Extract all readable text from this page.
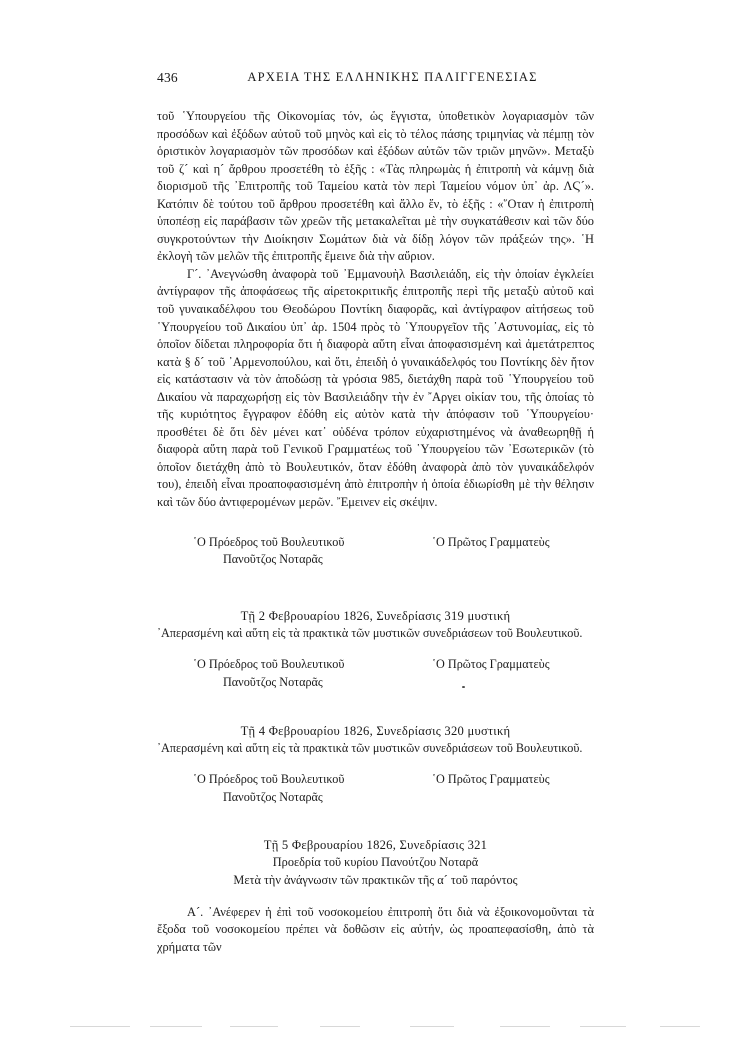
436	ΑΡΧΕΙΑ ΤΗΣ ΕΛΛΗΝΙΚΗΣ ΠΑΛΙΓΓΕΝΕΣΙΑΣ

τοῦ ῾Υπουργείου τῆς Οἰκονομίας τόν, ὡς ἔγγιστα, ὑποθετικὸν λογαριασμὸν τῶν προσόδων καὶ ἐξόδων αὐτοῦ τοῦ μηνὸς καὶ εἰς τὸ τέλος πάσης τριμηνίας νὰ πέμπῃ τὸν ὁριστικὸν λογαριασμὸν τῶν προσόδων καὶ ἐξόδων αὐτῶν τῶν τριῶν μηνῶν». Μεταξὺ τοῦ ζ´ καὶ η´ ἄρθρου προσετέθη τὸ ἑξῆς : «Τὰς πληρωμὰς ἡ ἐπιτροπὴ νὰ κάμνῃ διὰ διορισμοῦ τῆς ᾽Επιτροπῆς τοῦ Ταμείου κατὰ τὸν περὶ Ταμείου νόμον ὑπ᾽ ἀρ. ΛϚ´». Κατόπιν δὲ τούτου τοῦ ἄρθρου προσετέθη καὶ ἄλλο ἕν, τὸ ἑξῆς : «῞Οταν ἡ ἐπιτροπὴ ὑποπέσῃ εἰς παράβασιν τῶν χρεῶν τῆς μετακαλεῖται μὲ τὴν συγκατάθεσιν καὶ τῶν δύο συγκροτούντων τὴν Διοίκησιν Σωμάτων διὰ νὰ δίδῃ λόγον τῶν πράξεών της». ῾Η ἐκλογὴ τῶν μελῶν τῆς ἐπιτροπῆς ἔμεινε διὰ τὴν αὔριον.

Γ´. ᾽Ανεγνώσθη ἀναφορὰ τοῦ ᾽Εμμανουὴλ Βασιλειάδη, εἰς τὴν ὁποίαν ἐγκλείει ἀντίγραφον τῆς ἀποφάσεως τῆς αἱρετοκριτικῆς ἐπιτροπῆς περὶ τῆς μεταξὺ αὐτοῦ καὶ τοῦ γυναικαδέλφου του Θεοδώρου Ποντίκη διαφορᾶς, καὶ ἀντίγραφον αἰτήσεως τοῦ ῾Υπουργείου τοῦ Δικαίου ὑπ᾽ ἀρ. 1504 πρὸς τὸ ῾Υπουργεῖον τῆς ᾽Αστυνομίας, εἰς τὸ ὁποῖον δίδεται πληροφορία ὅτι ἡ διαφορὰ αὕτη εἶναι ἀποφασισμένη καὶ ἀμετάτρεπτος κατὰ § δ´ τοῦ ᾽Αρμενοπούλου, καὶ ὅτι, ἐπειδὴ ὁ γυναικάδελφός του Ποντίκης δὲν ἤτον εἰς κατάστασιν νὰ τὸν ἀποδώσῃ τὰ γρόσια 985, διετάχθη παρὰ τοῦ ῾Υπουργείου τοῦ Δικαίου νὰ παραχωρήσῃ εἰς τὸν Βασιλειάδην τὴν ἐν ῎Αργει οἰκίαν του, τῆς ὁποίας τὸ τῆς κυριότητος ἔγγραφον ἐδόθη εἰς αὐτὸν κατὰ τὴν ἀπόφασιν τοῦ ῾Υπουργείου· προσθέτει δὲ ὅτι δὲν μένει κατ᾽ οὐδένα τρόπον εὐχαριστημένος νὰ ἀναθεωρηθῇ ἡ διαφορὰ αὕτη παρὰ τοῦ Γενικοῦ Γραμματέως τοῦ ῾Υπουργείου τῶν ᾽Εσωτερικῶν (τὸ ὁποῖον διετάχθη ἀπὸ τὸ Βουλευτικόν, ὅταν ἐδόθη ἀναφορὰ ἀπὸ τὸν γυναικάδελφόν του), ἐπειδὴ εἶναι προαποφασισμένη ἀπὸ ἐπιτροπὴν ἡ ὁποία ἐδιωρίσθη μὲ τὴν θέλησιν καὶ τῶν δύο ἀντιφερομένων μερῶν. ῎Εμεινεν εἰς σκέψιν.

῾Ο Πρόεδρος τοῦ Βουλευτικοῦ	῾Ο Πρῶτος Γραμματεὺς
Πανοῦτζος Νοταρᾶς
Τῇ 2 Φεβρουαρίου 1826, Συνεδρίασις 319 μυστική

᾽Απερασμένη καὶ αὕτη εἰς τὰ πρακτικὰ τῶν μυστικῶν συνεδριάσεων τοῦ Βουλευτικοῦ.

῾Ο Πρόεδρος τοῦ Βουλευτικοῦ	῾Ο Πρῶτος Γραμματεὺς
Πανοῦτζος Νοταρᾶς
Τῇ 4 Φεβρουαρίου 1826, Συνεδρίασις 320 μυστική

᾽Απερασμένη καὶ αὕτη εἰς τὰ πρακτικὰ τῶν μυστικῶν συνεδριάσεων τοῦ Βουλευτικοῦ.

῾Ο Πρόεδρος τοῦ Βουλευτικοῦ	῾Ο Πρῶτος Γραμματεὺς
Πανοῦτζος Νοταρᾶς
Τῇ 5 Φεβρουαρίου 1826, Συνεδρίασις 321
Προεδρία τοῦ κυρίου Πανούτζου Νοταρᾶ
Μετὰ τὴν ἀνάγνωσιν τῶν πρακτικῶν τῆς α´ τοῦ παρόντος

Α´. ᾽Ανέφερεν ἡ ἐπὶ τοῦ νοσοκομείου ἐπιτροπὴ ὅτι διὰ νὰ ἐξοικονομοῦνται τὰ ἔξοδα τοῦ νοσοκομείου πρέπει νὰ δοθῶσιν εἰς αὐτήν, ὡς προαπεφασίσθη, ἀπὸ τὰ χρήματα τῶν
